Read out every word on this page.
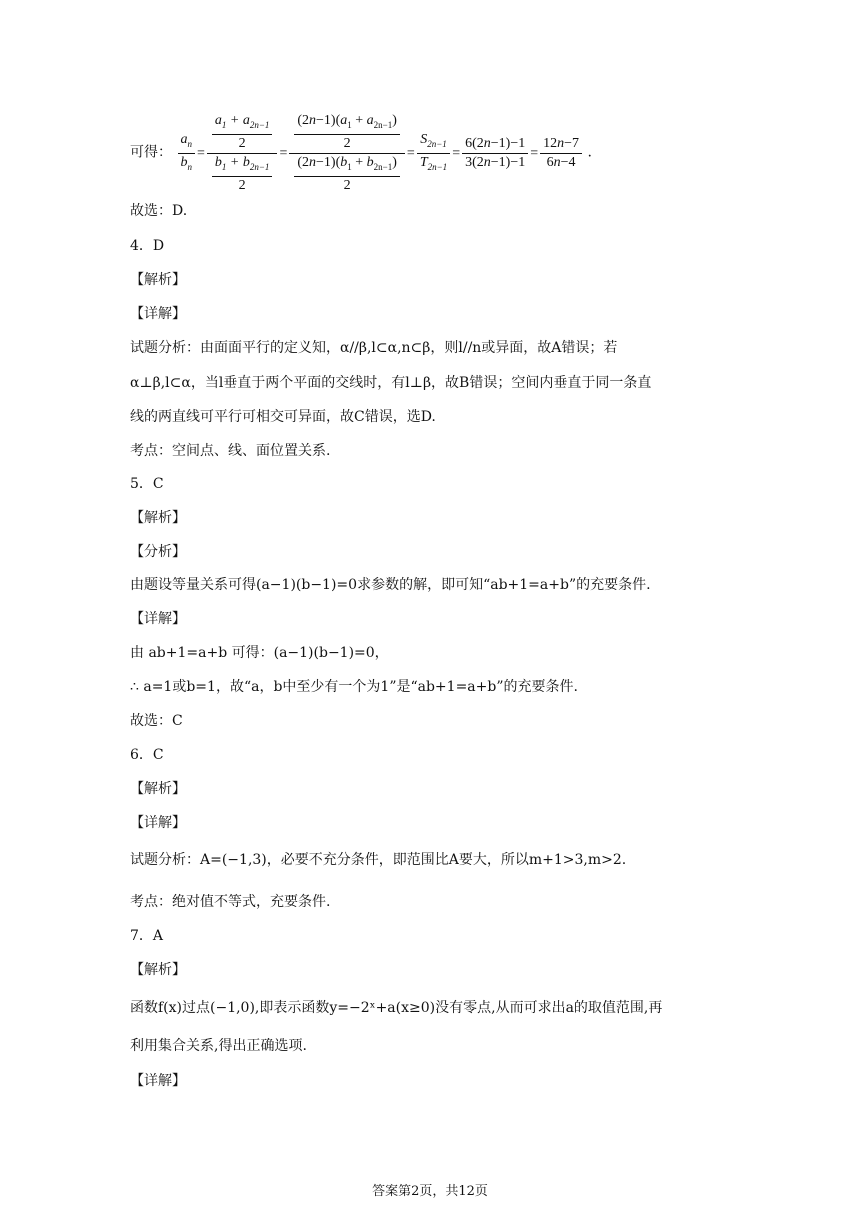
可得： $\frac{a_n}{b_n} = \frac{\frac{a_1 + a_{2n-1}}{2}}{\frac{b_1 + b_{2n-1}}{2}} = \frac{\frac{(2n-1)(a_1 + a_{2n-1})}{2}}{\frac{(2n-1)(b_1 + b_{2n-1})}{2}} = \frac{S_{2n-1}}{T_{2n-1}} = \frac{6(2n-1)-1}{3(2n-1)-1} = \frac{12n-7}{6n-4}$ .
故选：D.
4．D
【解析】
【详解】
试题分析：由面面平行的定义知，α//β,l⊂α,n⊂β，则l//n或异面，故A错误；若
α⊥β,l⊂α，当l垂直于两个平面的交线时，有l⊥β，故B错误；空间内垂直于同一条直
线的两直线可平行可相交可异面，故C错误，选D.
考点：空间点、线、面位置关系.
5．C
【解析】
【分析】
由题设等量关系可得(a−1)(b−1)=0求参数的解，即可知“ab+1=a+b”的充要条件.
【详解】
由 ab+1=a+b 可得：(a−1)(b−1)=0，
∴ a=1或b=1，故“a，b中至少有一个为1”是“ab+1=a+b”的充要条件.
故选：C
6．C
【解析】
【详解】
试题分析：A=(−1,3)，必要不充分条件，即范围比A要大，所以m+1>3,m>2.
考点：绝对值不等式，充要条件.
7．A
【解析】
函数f(x)过点(−1,0),即表示函数y=−2ˣ+a(x≥0)没有零点,从而可求出a的取值范围,再
利用集合关系,得出正确选项.
【详解】
答案第2页，共12页
